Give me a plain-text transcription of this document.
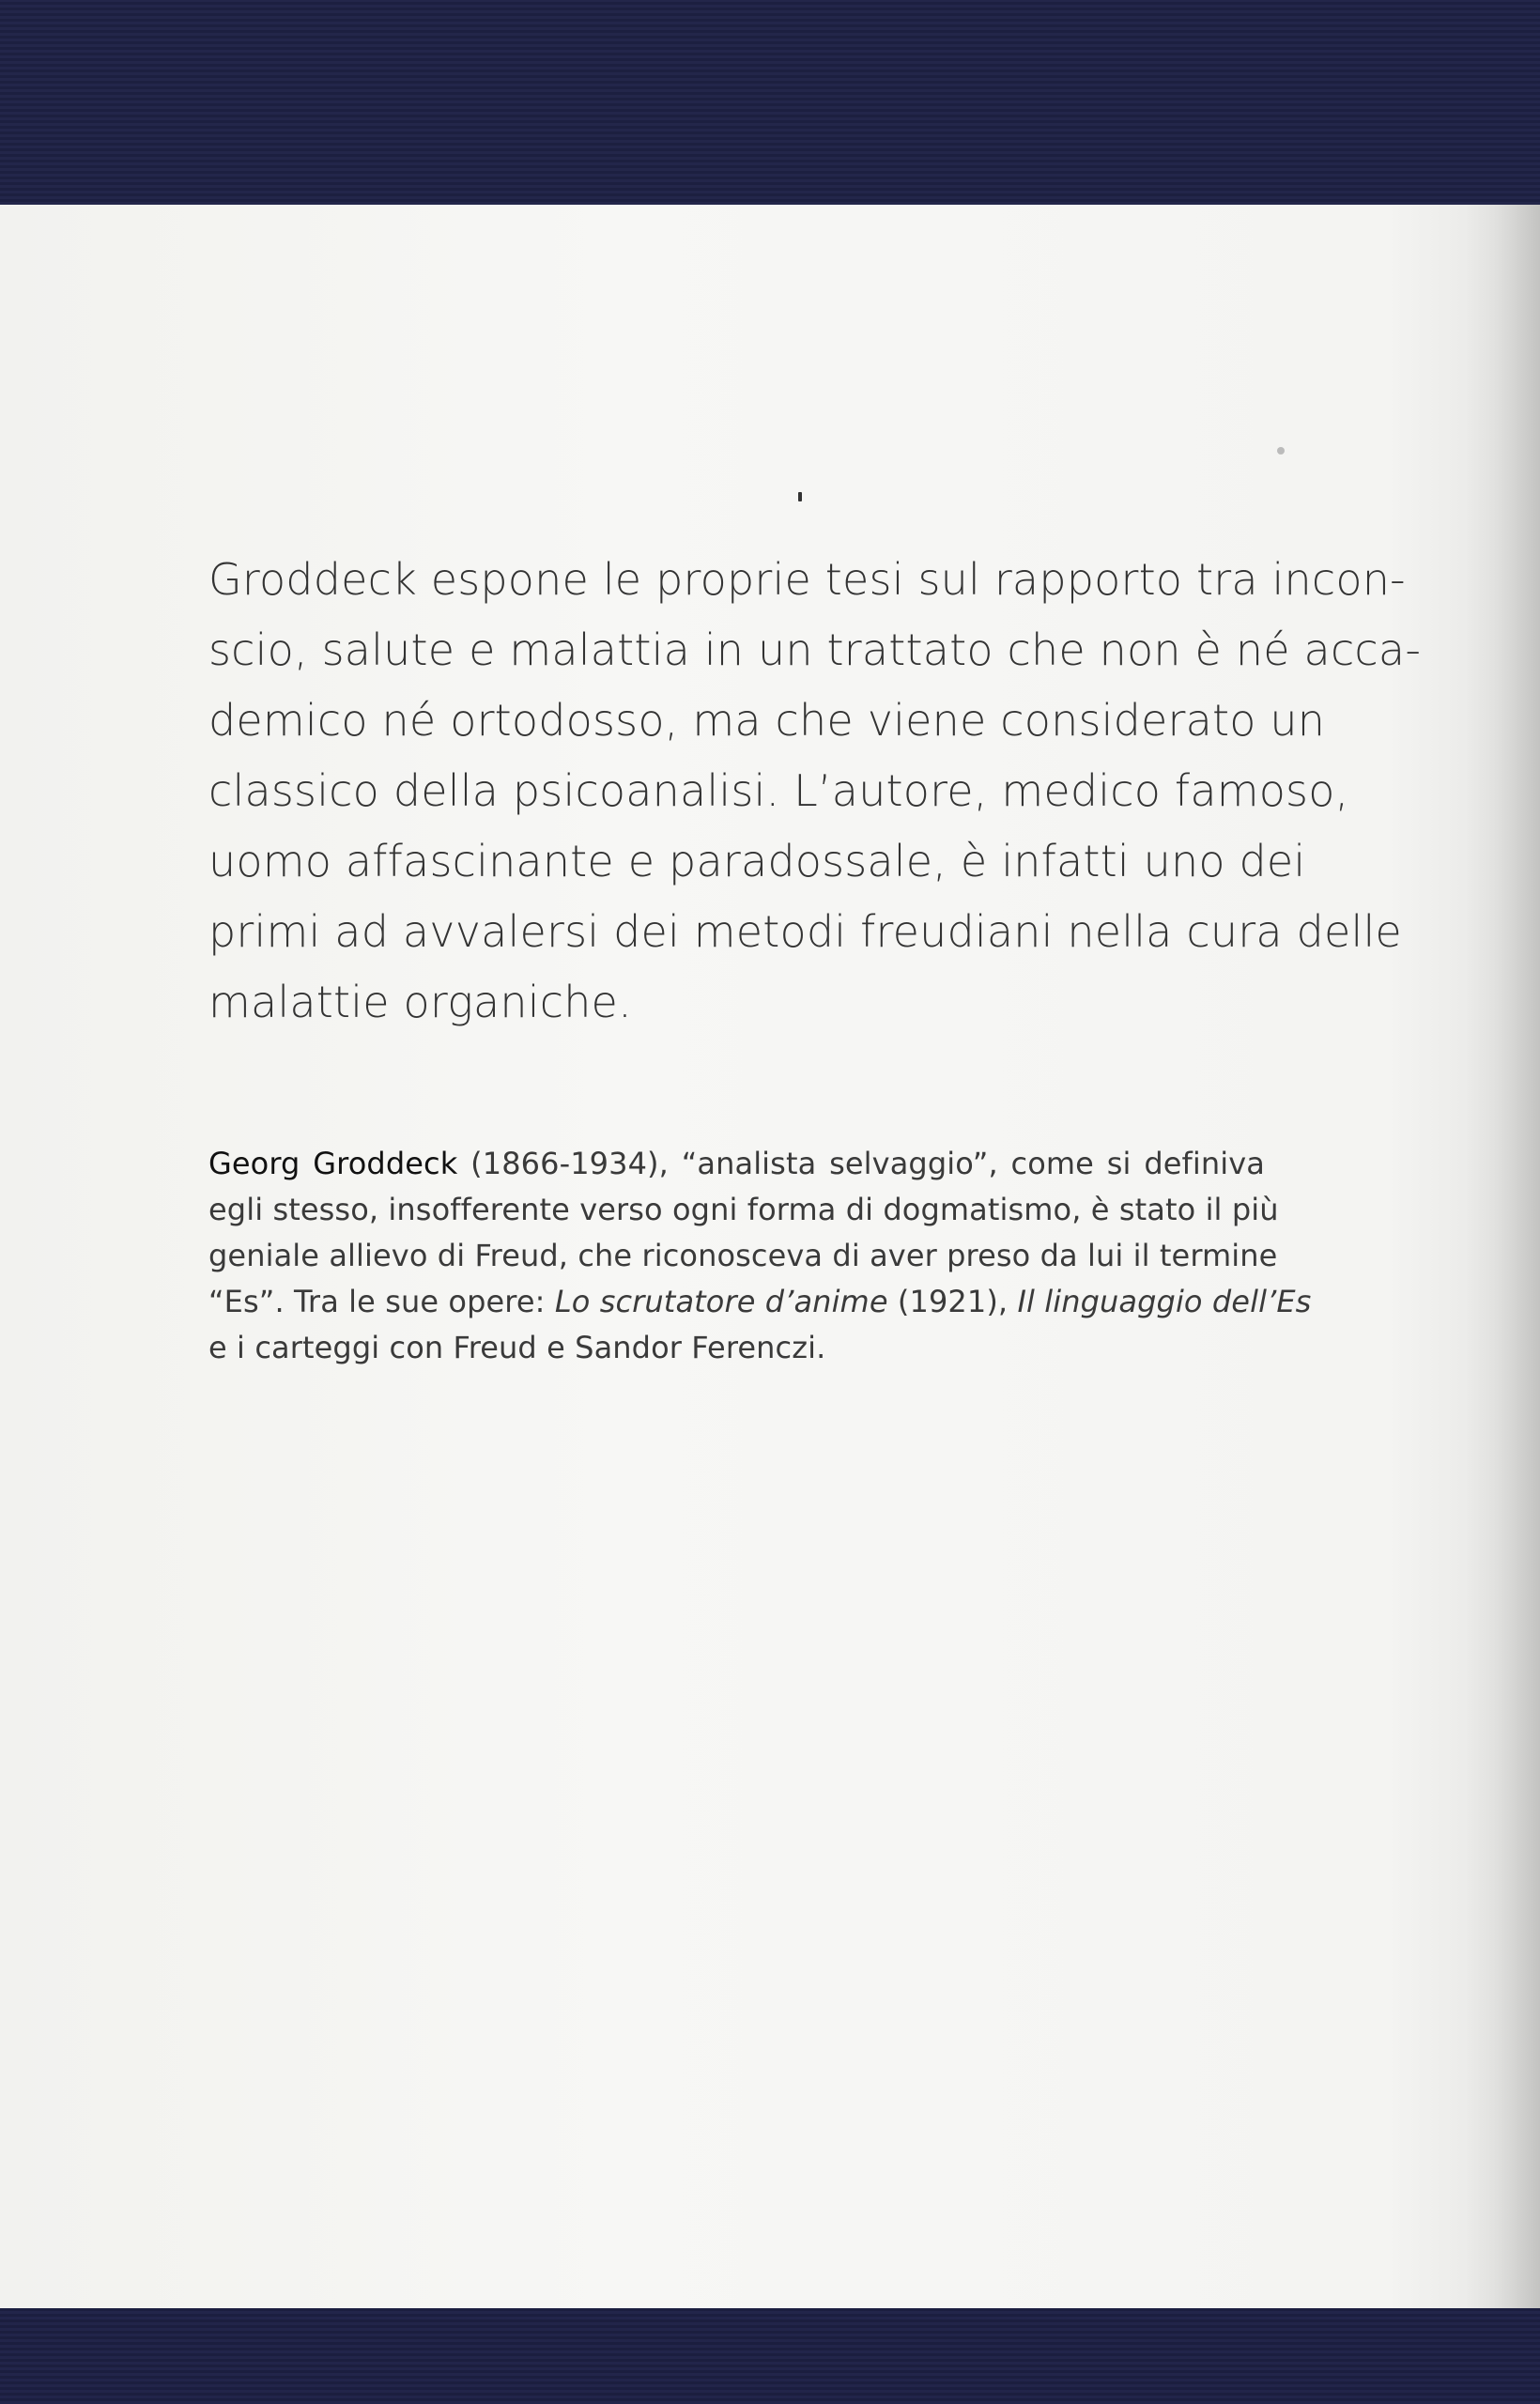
Groddeck espone le proprie tesi sul rapporto tra incon-
scio, salute e malattia in un trattato che non è né acca-
demico né ortodosso, ma che viene considerato un
classico della psicoanalisi. L’autore, medico famoso,
uomo affascinante e paradossale, è infatti uno dei
primi ad avvalersi dei metodi freudiani nella cura delle
malattie organiche.
Georg Groddeck (1866-1934), “analista selvaggio”, come si definiva
egli stesso, insofferente verso ogni forma di dogmatismo, è stato il più
geniale allievo di Freud, che riconosceva di aver preso da lui il termine
“Es”. Tra le sue opere: Lo scrutatore d’anime (1921), Il linguaggio dell’Es
e i carteggi con Freud e Sandor Ferenczi.
